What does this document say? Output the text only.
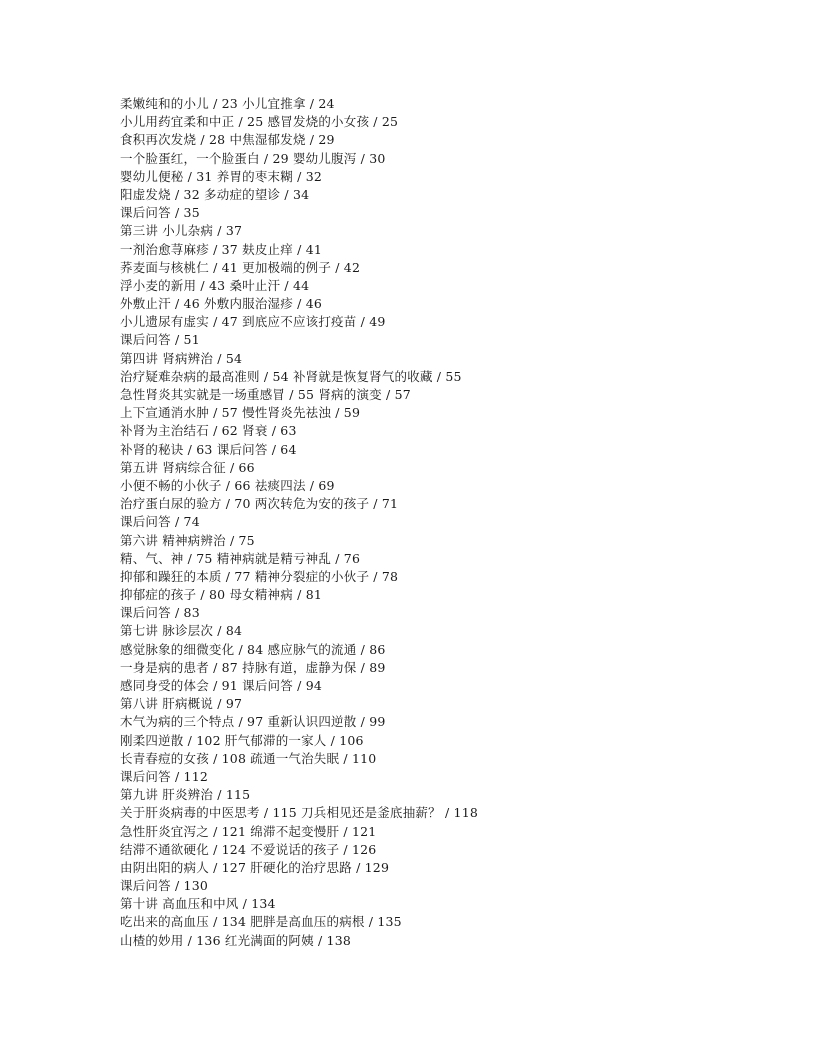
柔嫩纯和的小儿 / 23 小儿宜推拿 / 24
小儿用药宜柔和中正 / 25 感冒发烧的小女孩 / 25
食积再次发烧 / 28 中焦湿郁发烧 / 29
一个脸蛋红，一个脸蛋白 / 29 婴幼儿腹泻 / 30
婴幼儿便秘 / 31 养胃的枣末糊 / 32
阳虚发烧 / 32 多动症的望诊 / 34
课后问答 / 35
第三讲 小儿杂病 / 37
一剂治愈荨麻疹 / 37 麸皮止痒 / 41
荞麦面与核桃仁 / 41 更加极端的例子 / 42
浮小麦的新用 / 43 桑叶止汗 / 44
外敷止汗 / 46 外敷内服治湿疹 / 46
小儿遗尿有虚实 / 47 到底应不应该打疫苗 / 49
课后问答 / 51
第四讲 肾病辨治 / 54
治疗疑难杂病的最高准则 / 54 补肾就是恢复肾气的收藏 / 55
急性肾炎其实就是一场重感冒 / 55 肾病的演变 / 57
上下宣通消水肿 / 57 慢性肾炎先祛浊 / 59
补肾为主治结石 / 62 肾衰 / 63
补肾的秘诀 / 63 课后问答 / 64
第五讲 肾病综合征 / 66
小便不畅的小伙子 / 66 祛痰四法 / 69
治疗蛋白尿的验方 / 70 两次转危为安的孩子 / 71
课后问答 / 74
第六讲 精神病辨治 / 75
精、气、神 / 75 精神病就是精亏神乱 / 76
抑郁和躁狂的本质 / 77 精神分裂症的小伙子 / 78
抑郁症的孩子 / 80 母女精神病 / 81
课后问答 / 83
第七讲 脉诊层次 / 84
感觉脉象的细微变化 / 84 感应脉气的流通 / 86
一身是病的患者 / 87 持脉有道，虚静为保 / 89
感同身受的体会 / 91 课后问答 / 94
第八讲 肝病概说 / 97
木气为病的三个特点 / 97 重新认识四逆散 / 99
刚柔四逆散 / 102 肝气郁滞的一家人 / 106
长青春痘的女孩 / 108 疏通一气治失眠 / 110
课后问答 / 112
第九讲 肝炎辨治 / 115
关于肝炎病毒的中医思考 / 115 刀兵相见还是釜底抽薪？ / 118
急性肝炎宜泻之 / 121 绵滞不起变慢肝 / 121
结滞不通欲硬化 / 124 不爱说话的孩子 / 126
由阴出阳的病人 / 127 肝硬化的治疗思路 / 129
课后问答 / 130
第十讲 高血压和中风 / 134
吃出来的高血压 / 134 肥胖是高血压的病根 / 135
山楂的妙用 / 136 红光满面的阿姨 / 138
